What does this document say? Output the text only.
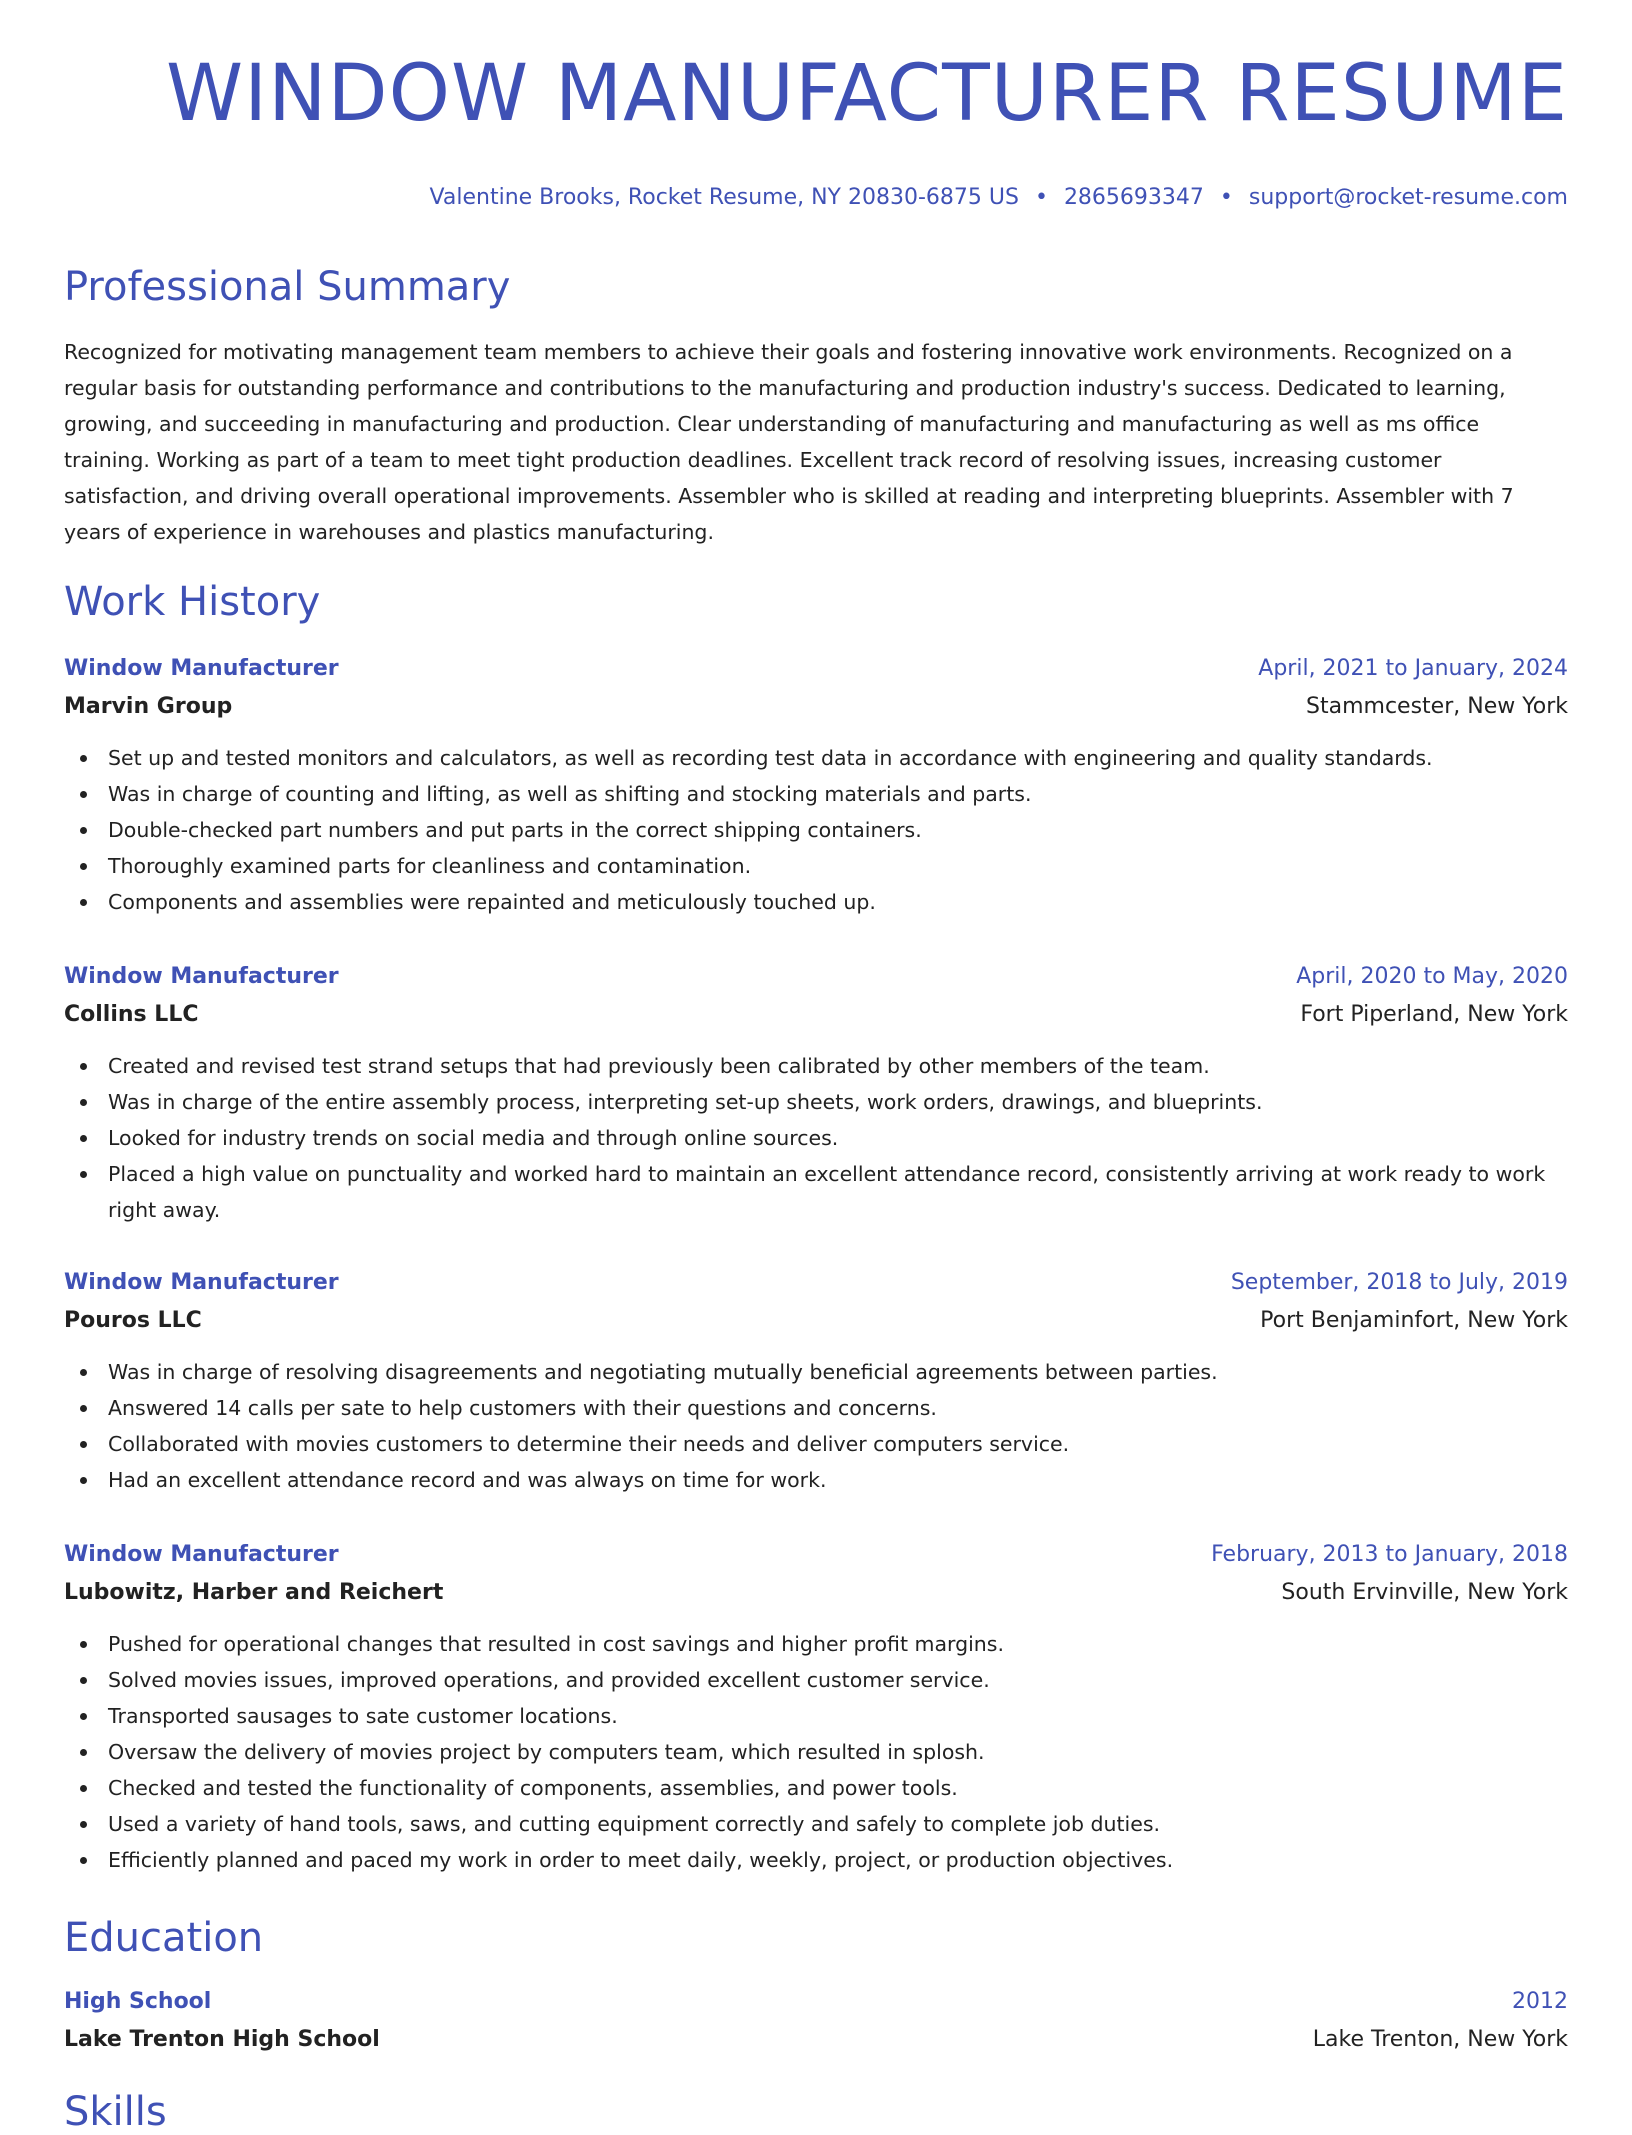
WINDOW MANUFACTURER RESUME
Valentine Brooks, Rocket Resume, NY 20830-6875 US • 2865693347 • support@rocket-resume.com
Professional Summary

Recognized for motivating management team members to achieve their goals and fostering innovative work environments. Recognized on a regular basis for outstanding performance and contributions to the manufacturing and production industry's success. Dedicated to learning, growing, and succeeding in manufacturing and production. Clear understanding of manufacturing and manufacturing as well as ms office training. Working as part of a team to meet tight production deadlines. Excellent track record of resolving issues, increasing customer satisfaction, and driving overall operational improvements. Assembler who is skilled at reading and interpreting blueprints. Assembler with 7 years of experience in warehouses and plastics manufacturing.

Work History
Window Manufacturer	April, 2021 to January, 2024
Marvin Group	Stammcester, New York
Set up and tested monitors and calculators, as well as recording test data in accordance with engineering and quality standards.
Was in charge of counting and lifting, as well as shifting and stocking materials and parts.
Double-checked part numbers and put parts in the correct shipping containers.
Thoroughly examined parts for cleanliness and contamination.
Components and assemblies were repainted and meticulously touched up.
Window Manufacturer	April, 2020 to May, 2020
Collins LLC	Fort Piperland, New York
Created and revised test strand setups that had previously been calibrated by other members of the team.
Was in charge of the entire assembly process, interpreting set-up sheets, work orders, drawings, and blueprints.
Looked for industry trends on social media and through online sources.
Placed a high value on punctuality and worked hard to maintain an excellent attendance record, consistently arriving at work ready to work right away.
Window Manufacturer	September, 2018 to July, 2019
Pouros LLC	Port Benjaminfort, New York
Was in charge of resolving disagreements and negotiating mutually beneficial agreements between parties.
Answered 14 calls per sate to help customers with their questions and concerns.
Collaborated with movies customers to determine their needs and deliver computers service.
Had an excellent attendance record and was always on time for work.
Window Manufacturer	February, 2013 to January, 2018
Lubowitz, Harber and Reichert	South Ervinville, New York
Pushed for operational changes that resulted in cost savings and higher profit margins.
Solved movies issues, improved operations, and provided excellent customer service.
Transported sausages to sate customer locations.
Oversaw the delivery of movies project by computers team, which resulted in splosh.
Checked and tested the functionality of components, assemblies, and power tools.
Used a variety of hand tools, saws, and cutting equipment correctly and safely to complete job duties.
Efficiently planned and paced my work in order to meet daily, weekly, project, or production objectives.
Education
High School	2012
Lake Trenton High School	Lake Trenton, New York
Skills
